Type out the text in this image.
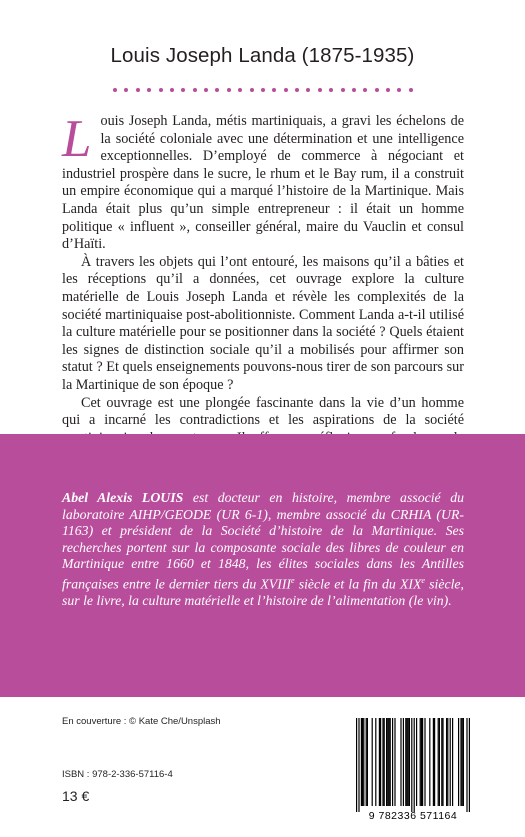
Louis Joseph Landa (1875-1935)

Louis Joseph Landa, métis martiniquais, a gravi les échelons de la société coloniale avec une détermination et une intelligence exceptionnelles. D’employé de commerce à négociant et industriel prospère dans le sucre, le rhum et le Bay rum, il a construit un empire économique qui a marqué l’histoire de la Martinique. Mais Landa était plus qu’un simple entrepreneur : il était un homme politique « influent », conseiller général, maire du Vauclin et consul d’Haïti.

À travers les objets qui l’ont entouré, les maisons qu’il a bâties et les réceptions qu’il a données, cet ouvrage explore la culture matérielle de Louis Joseph Landa et révèle les complexités de la société martiniquaise post-abolitionniste. Comment Landa a-t-il utilisé la culture matérielle pour se positionner dans la société ? Quels étaient les signes de distinction sociale qu’il a mobilisés pour affirmer son statut ? Et quels enseignements pouvons-nous tirer de son parcours sur la Martinique de son époque ?

Cet ouvrage est une plongée fascinante dans la vie d’un homme qui a incarné les contradictions et les aspirations de la société

Abel Alexis LOUIS est docteur en histoire, membre associé du laboratoire AIHP/GEODE (UR 6-1), membre associé du CRHIA (UR-1163) et président de la Société d’histoire de la Martinique. Ses recherches portent sur la composante sociale des libres de couleur en Martinique entre 1660 et 1848, les élites sociales dans les Antilles françaises entre le dernier tiers du XVIIIe siècle et la fin du XIXe siècle, sur le livre, la culture matérielle et l’histoire de l’alimentation (le vin).
En couverture : © Kate Che/Unsplash
ISBN : 978-2-336-57116-4
13 €
9 782336 571164
